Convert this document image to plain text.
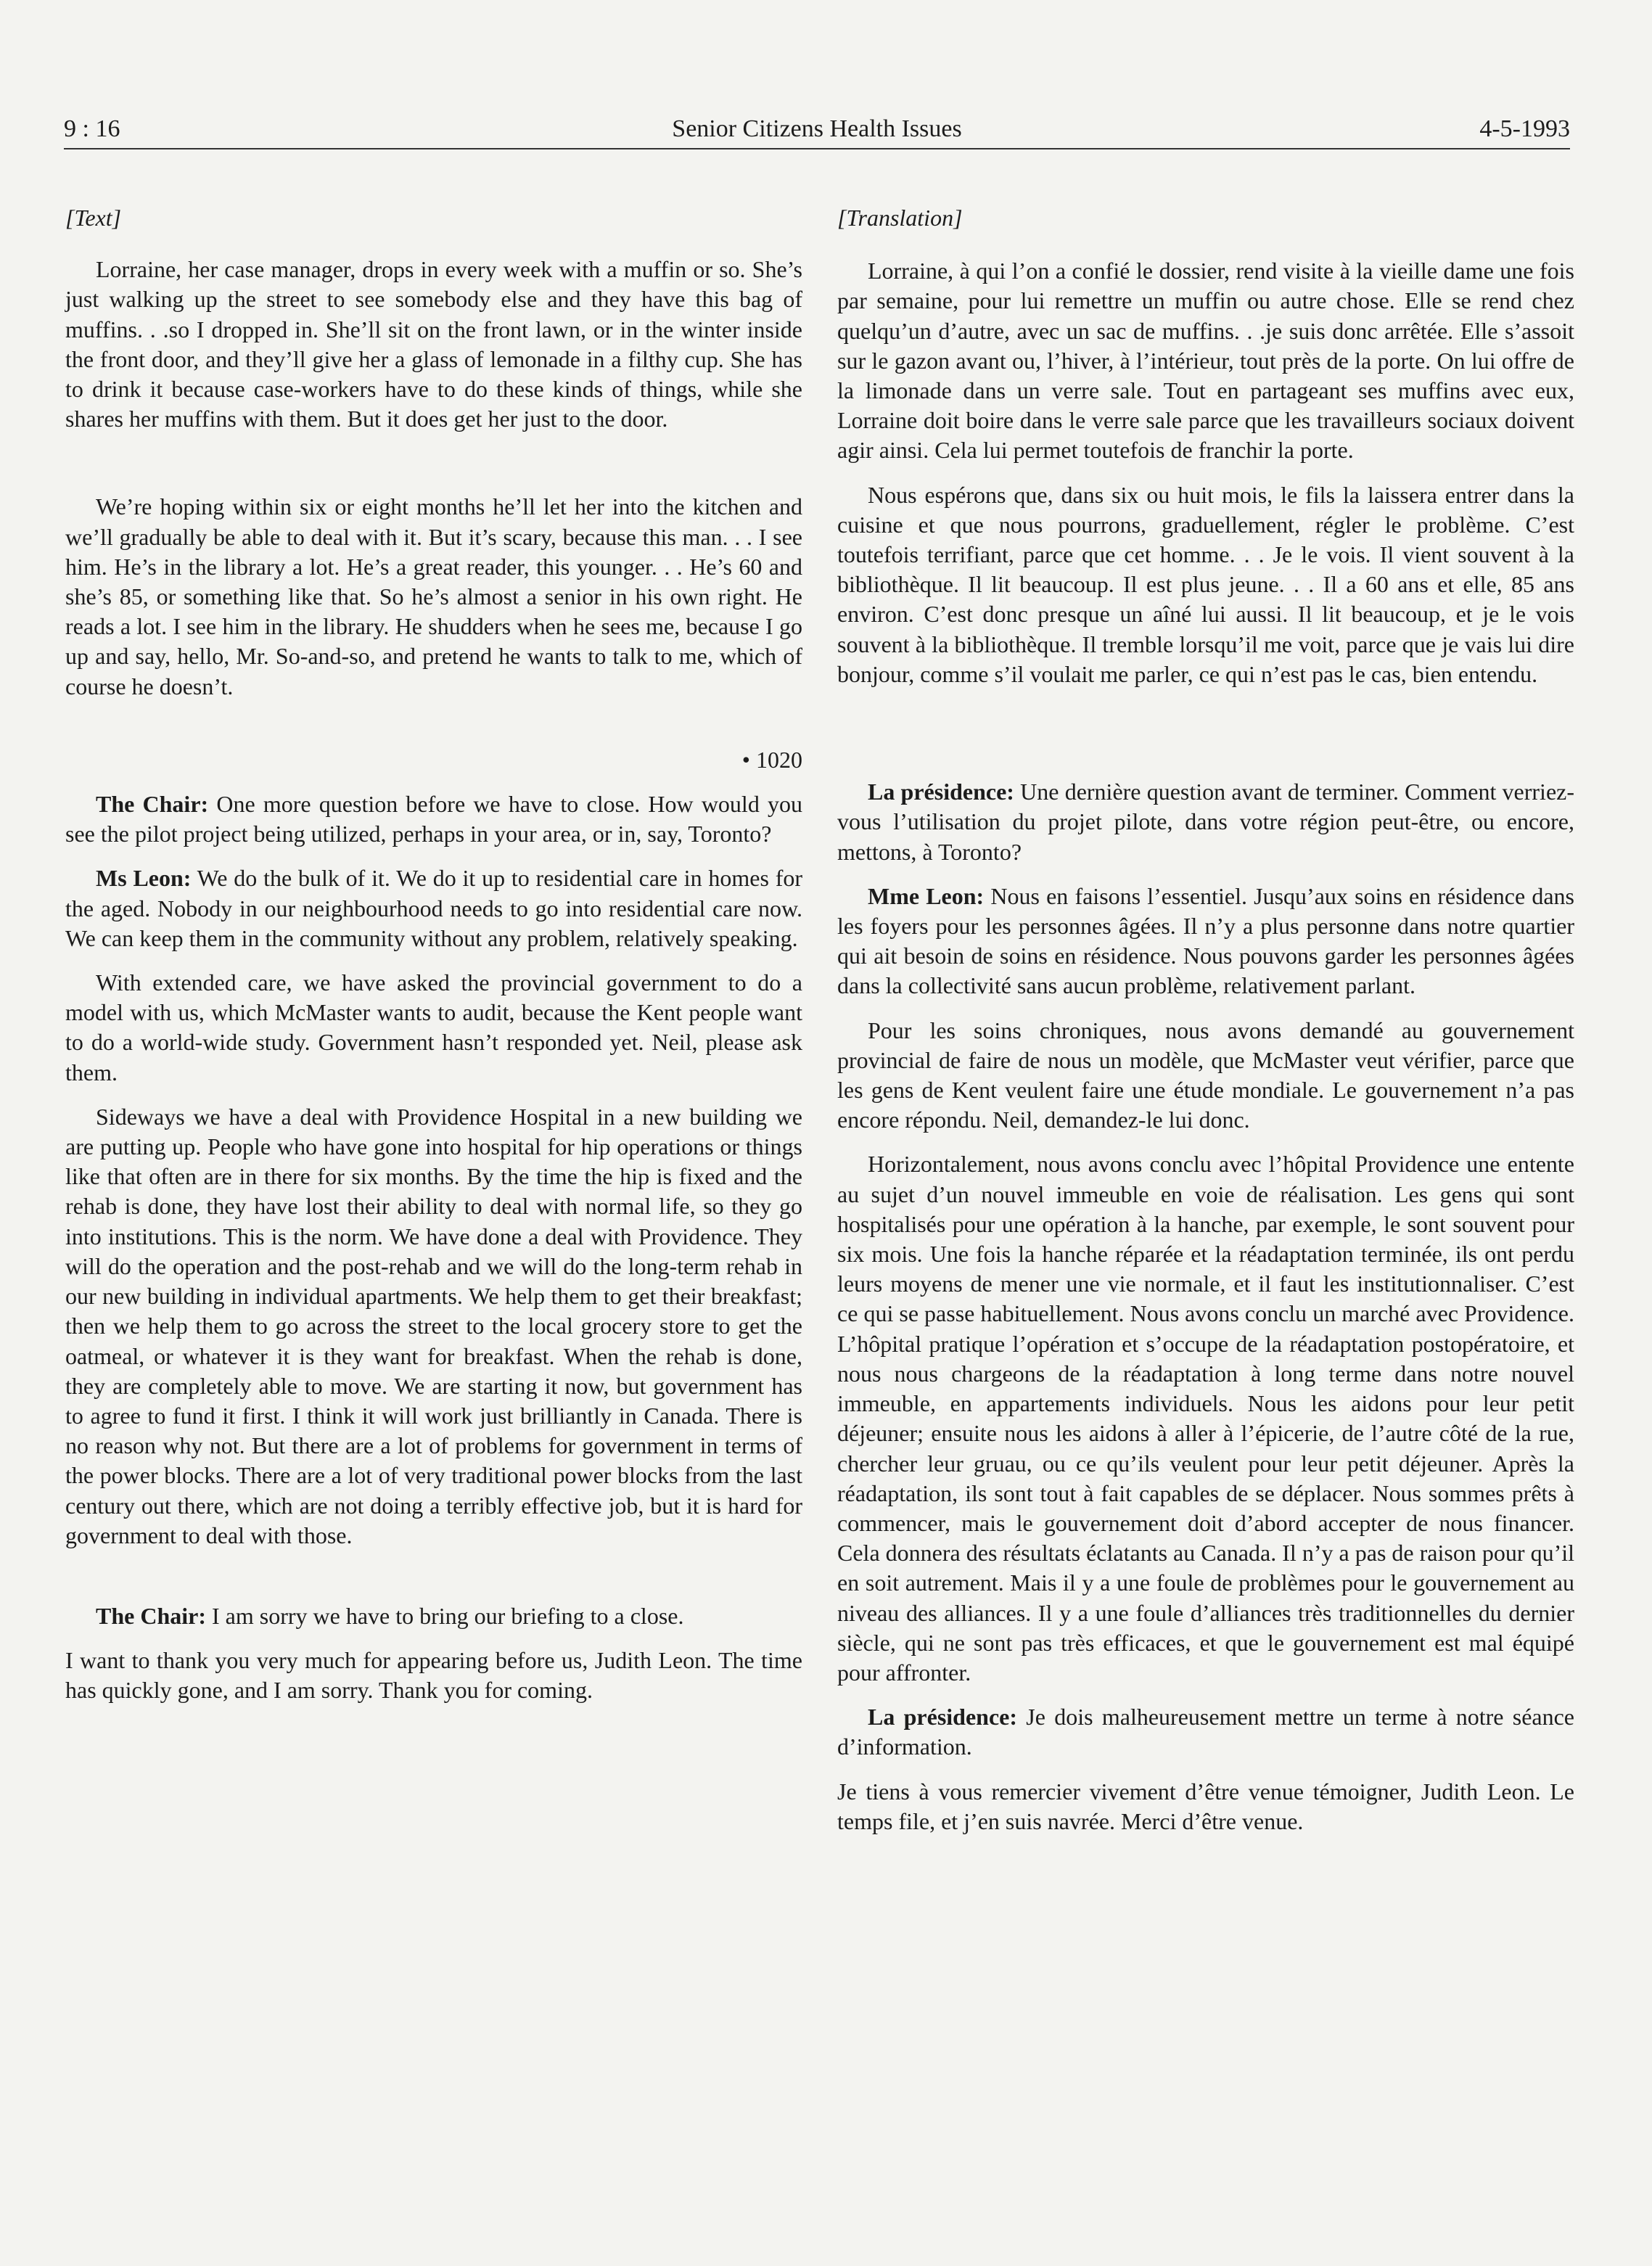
Senior Citizens Health Issues
9 : 16	4-5-1993
[Text]

Lorraine, her case manager, drops in every week with a muffin or so. She’s just walking up the street to see somebody else and they have this bag of muffins. . .so I dropped in. She’ll sit on the front lawn, or in the winter inside the front door, and they’ll give her a glass of lemonade in a filthy cup. She has to drink it because case-workers have to do these kinds of things, while she shares her muffins with them. But it does get her just to the door.

We’re hoping within six or eight months he’ll let her into the kitchen and we’ll gradually be able to deal with it. But it’s scary, because this man. . . I see him. He’s in the library a lot. He’s a great reader, this younger. . . He’s 60 and she’s 85, or something like that. So he’s almost a senior in his own right. He reads a lot. I see him in the library. He shudders when he sees me, because I go up and say, hello, Mr. So-and-so, and pretend he wants to talk to me, which of course he doesn’t.

• 1020

The Chair: One more question before we have to close. How would you see the pilot project being utilized, perhaps in your area, or in, say, Toronto?

Ms Leon: We do the bulk of it. We do it up to residential care in homes for the aged. Nobody in our neighbourhood needs to go into residential care now. We can keep them in the community without any problem, relatively speaking.

With extended care, we have asked the provincial government to do a model with us, which McMaster wants to audit, because the Kent people want to do a world-wide study. Government hasn’t responded yet. Neil, please ask them.

Sideways we have a deal with Providence Hospital in a new building we are putting up. People who have gone into hospital for hip operations or things like that often are in there for six months. By the time the hip is fixed and the rehab is done, they have lost their ability to deal with normal life, so they go into institutions. This is the norm. We have done a deal with Providence. They will do the operation and the post-rehab and we will do the long-term rehab in our new building in individual apartments. We help them to get their breakfast; then we help them to go across the street to the local grocery store to get the oatmeal, or whatever it is they want for breakfast. When the rehab is done, they are completely able to move. We are starting it now, but government has to agree to fund it first. I think it will work just brilliantly in Canada. There is no reason why not. But there are a lot of problems for government in terms of the power blocks. There are a lot of very traditional power blocks from the last century out there, which are not doing a terribly effective job, but it is hard for government to deal with those.

The Chair: I am sorry we have to bring our briefing to a close.

I want to thank you very much for appearing before us, Judith Leon. The time has quickly gone, and I am sorry. Thank you for coming.

[Translation]

Lorraine, à qui l’on a confié le dossier, rend visite à la vieille dame une fois par semaine, pour lui remettre un muffin ou autre chose. Elle se rend chez quelqu’un d’autre, avec un sac de muffins. . .je suis donc arrêtée. Elle s’assoit sur le gazon avant ou, l’hiver, à l’intérieur, tout près de la porte. On lui offre de la limonade dans un verre sale. Tout en partageant ses muffins avec eux, Lorraine doit boire dans le verre sale parce que les travailleurs sociaux doivent agir ainsi. Cela lui permet toutefois de franchir la porte.

Nous espérons que, dans six ou huit mois, le fils la laissera entrer dans la cuisine et que nous pourrons, graduellement, régler le problème. C’est toutefois terrifiant, parce que cet homme. . . Je le vois. Il vient souvent à la bibliothèque. Il lit beaucoup. Il est plus jeune. . . Il a 60 ans et elle, 85 ans environ. C’est donc presque un aîné lui aussi. Il lit beaucoup, et je le vois souvent à la bibliothèque. Il tremble lorsqu’il me voit, parce que je vais lui dire bonjour, comme s’il voulait me parler, ce qui n’est pas le cas, bien entendu.

La présidence: Une dernière question avant de terminer. Comment verriez-vous l’utilisation du projet pilote, dans votre région peut-être, ou encore, mettons, à Toronto?

Mme Leon: Nous en faisons l’essentiel. Jusqu’aux soins en résidence dans les foyers pour les personnes âgées. Il n’y a plus personne dans notre quartier qui ait besoin de soins en résidence. Nous pouvons garder les personnes âgées dans la collectivité sans aucun problème, relativement parlant.

Pour les soins chroniques, nous avons demandé au gouvernement provincial de faire de nous un modèle, que McMaster veut vérifier, parce que les gens de Kent veulent faire une étude mondiale. Le gouvernement n’a pas encore répondu. Neil, demandez-le lui donc.

Horizontalement, nous avons conclu avec l’hôpital Providence une entente au sujet d’un nouvel immeuble en voie de réalisation. Les gens qui sont hospitalisés pour une opération à la hanche, par exemple, le sont souvent pour six mois. Une fois la hanche réparée et la réadaptation terminée, ils ont perdu leurs moyens de mener une vie normale, et il faut les institutionnaliser. C’est ce qui se passe habituellement. Nous avons conclu un marché avec Providence. L’hôpital pratique l’opération et s’occupe de la réadaptation postopératoire, et nous nous chargeons de la réadaptation à long terme dans notre nouvel immeuble, en appartements individuels. Nous les aidons pour leur petit déjeuner; ensuite nous les aidons à aller à l’épicerie, de l’autre côté de la rue, chercher leur gruau, ou ce qu’ils veulent pour leur petit déjeuner. Après la réadaptation, ils sont tout à fait capables de se déplacer. Nous sommes prêts à commencer, mais le gouvernement doit d’abord accepter de nous financer. Cela donnera des résultats éclatants au Canada. Il n’y a pas de raison pour qu’il en soit autrement. Mais il y a une foule de problèmes pour le gouvernement au niveau des alliances. Il y a une foule d’alliances très traditionnelles du dernier siècle, qui ne sont pas très efficaces, et que le gouvernement est mal équipé pour affronter.

La présidence: Je dois malheureusement mettre un terme à notre séance d’information.

Je tiens à vous remercier vivement d’être venue témoigner, Judith Leon. Le temps file, et j’en suis navrée. Merci d’être venue.
